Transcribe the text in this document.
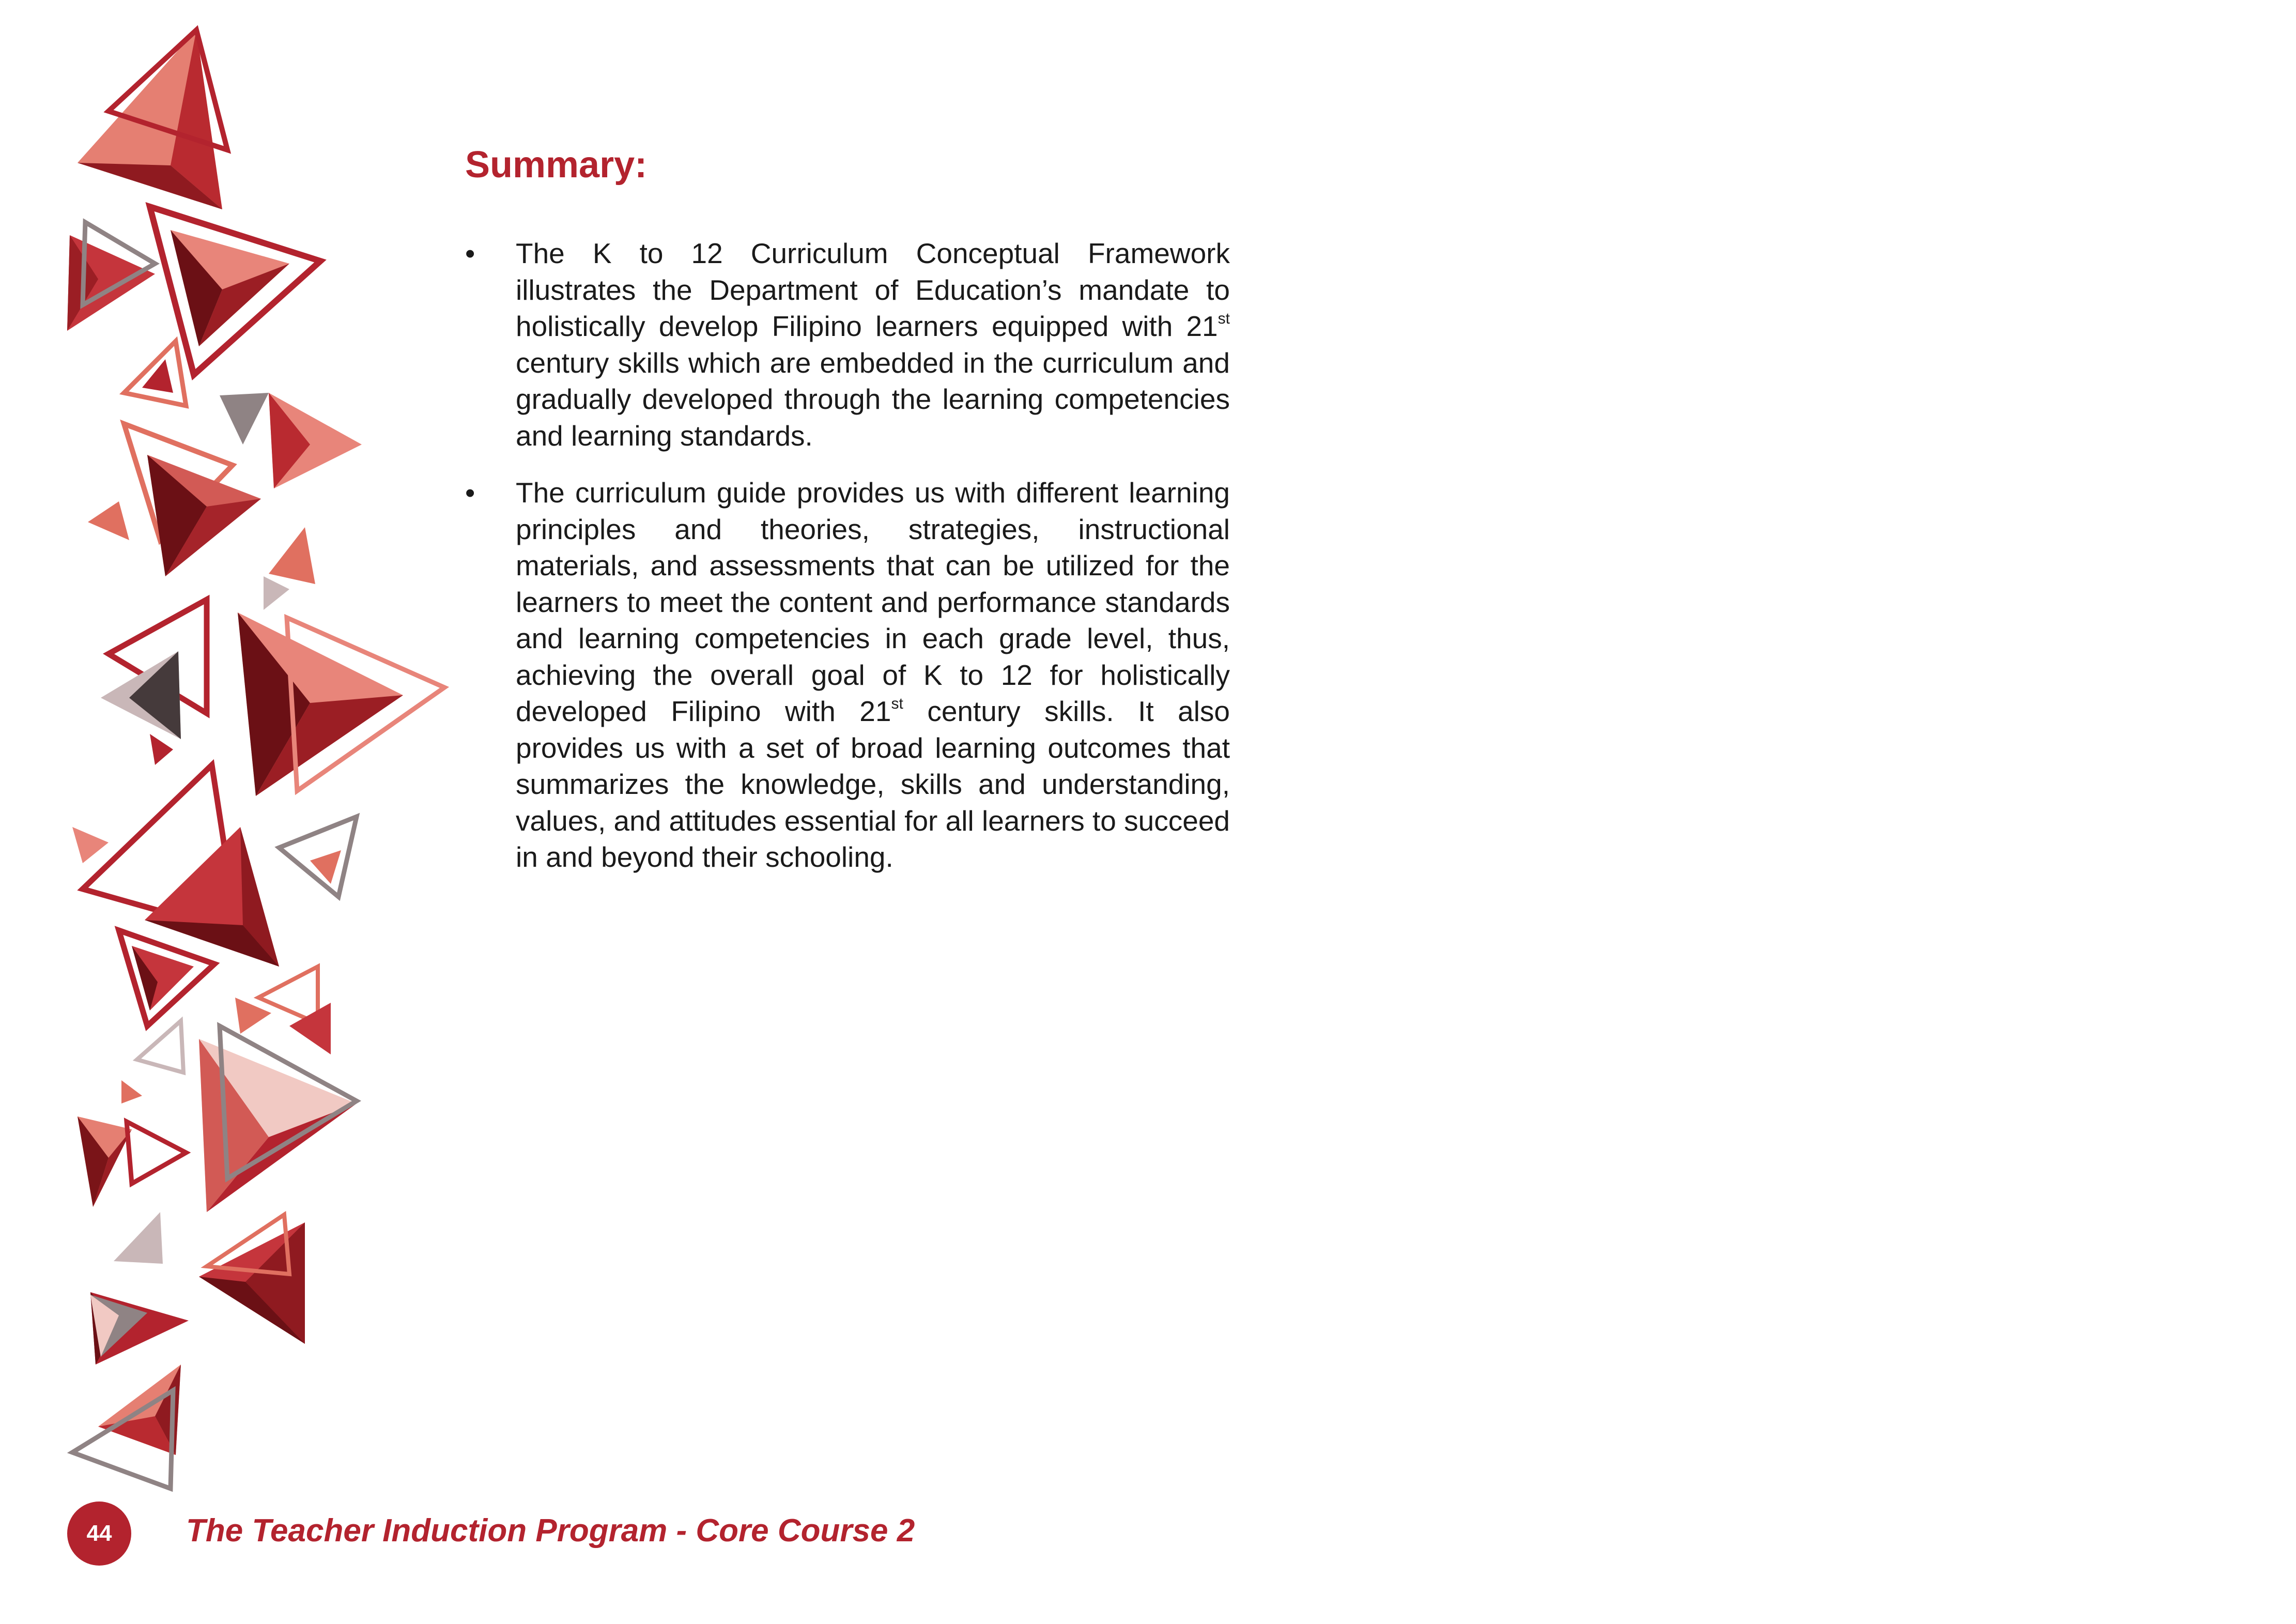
Summary:
•	The K to 12 Curriculum Conceptual Framework illustrates the Department of Education’s mandate to holistically develop Filipino learners equipped with 21st century skills which are embedded in the curriculum and gradually developed through the learning competencies and learning standards.
•	The curriculum guide provides us with different learning principles and theories, strategies, instructional materials, and assessments that can be utilized for the learners to meet the content and performance standards and learning competencies in each grade level, thus, achieving the overall goal of K to 12 for holistically developed Filipino with 21st century skills. It also provides us with a set of broad learning outcomes that summarizes the knowledge, skills and understanding, values, and attitudes essential for all learners to succeed in and beyond their schooling.
44	The Teacher Induction Program - Core Course 2
